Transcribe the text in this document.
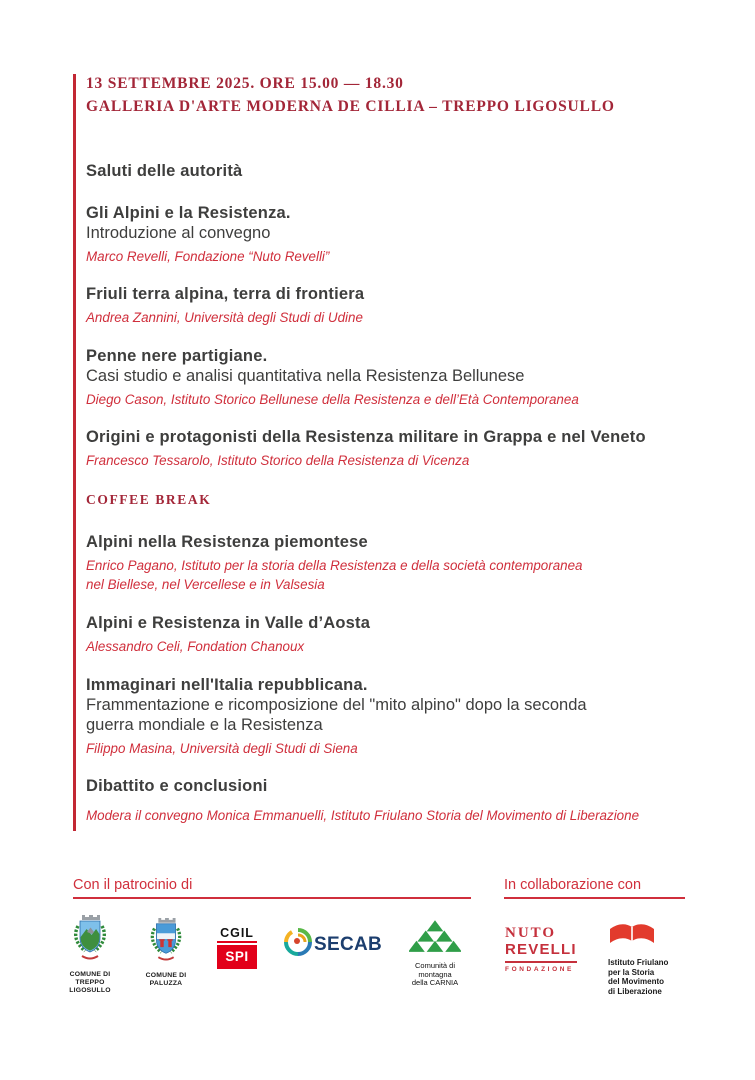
13 SETTEMBRE 2025. ORE 15.00 — 18.30
GALLERIA D'ARTE MODERNA DE CILLIA – TREPPO LIGOSULLO
Saluti delle autorità
Gli Alpini e la Resistenza.
Introduzione al convegno
Marco Revelli, Fondazione “Nuto Revelli”
Friuli terra alpina, terra di frontiera
Andrea Zannini, Università degli Studi di Udine
Penne nere partigiane.
Casi studio e analisi quantitativa nella Resistenza Bellunese
Diego Cason, Istituto Storico Bellunese della Resistenza e dell’Età Contemporanea
Origini e protagonisti della Resistenza militare in Grappa e nel Veneto
Francesco Tessarolo, Istituto Storico della Resistenza di Vicenza
COFFEE BREAK
Alpini nella Resistenza piemontese
Enrico Pagano, Istituto per la storia della Resistenza e della società contemporanea
nel Biellese, nel Vercellese e in Valsesia
Alpini e Resistenza in Valle d’Aosta
Alessandro Celi, Fondation Chanoux
Immaginari nell'Italia repubblicana.
Frammentazione e ricomposizione del "mito alpino" dopo la seconda
guerra mondiale e la Resistenza
Filippo Masina, Università degli Studi di Siena
Dibattito e conclusioni
Modera il convegno Monica Emmanuelli, Istituto Friulano Storia del Movimento di Liberazione
Con il patrocinio di	In collaborazione con
COMUNE DI
TREPPO
LIGOSULLO
COMUNE DI
PALUZZA
CGIL
SPI
SECAB
Comunità di montagna
della CARNIA
NUTO
REVELLI
FONDAZIONE
Istituto Friulano
per la Storia
del Movimento
di Liberazione
